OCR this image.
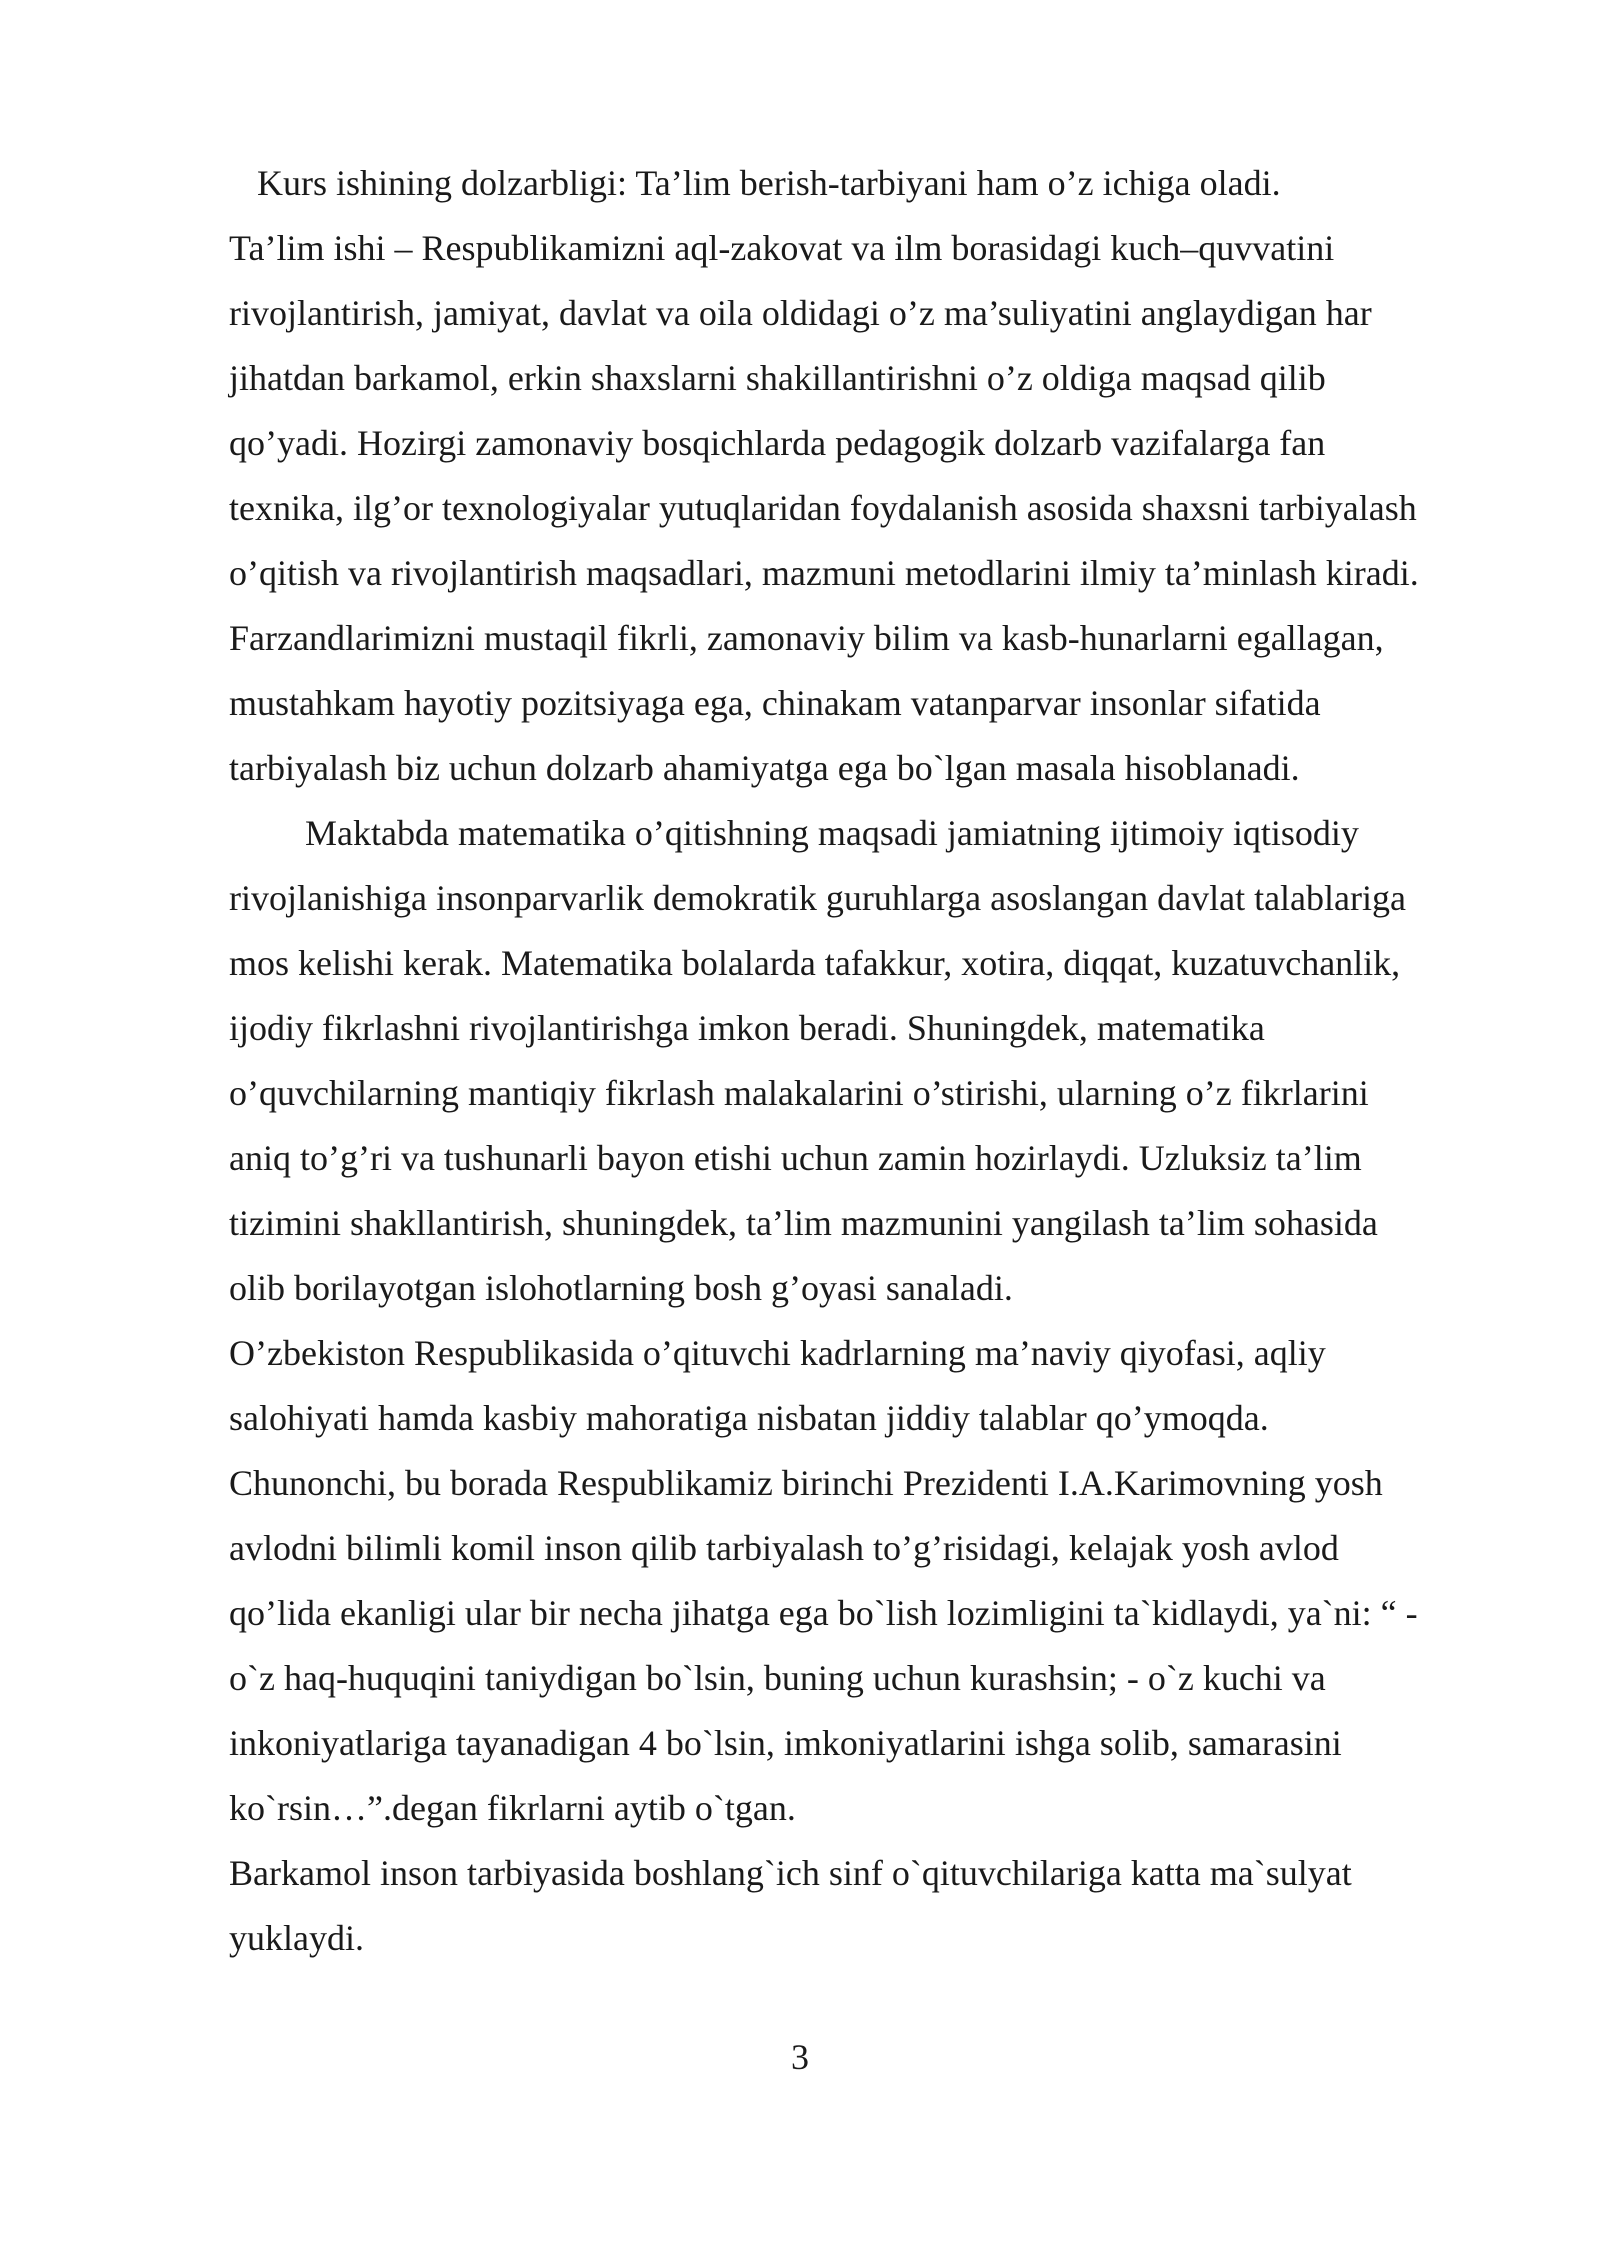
Kurs ishining dolzarbligi: Ta’lim berish-tarbiyani ham o’z ichiga oladi.
Ta’lim ishi – Respublikamizni aql-zakovat va ilm borasidagi kuch–quvvatini
rivojlantirish, jamiyat, davlat va oila oldidagi o’z ma’suliyatini anglaydigan har
jihatdan barkamol, erkin shaxslarni shakillantirishni o’z oldiga maqsad qilib
qo’yadi. Hozirgi zamonaviy bosqichlarda pedagogik dolzarb vazifalarga fan
texnika, ilg’or texnologiyalar yutuqlaridan foydalanish asosida shaxsni tarbiyalash
o’qitish va rivojlantirish maqsadlari, mazmuni metodlarini ilmiy ta’minlash kiradi.
Farzandlarimizni mustaqil fikrli, zamonaviy bilim va kasb-hunarlarni egallagan,
mustahkam hayotiy pozitsiyaga ega, chinakam vatanparvar insonlar sifatida
tarbiyalash biz uchun dolzarb ahamiyatga ega bo`lgan masala hisoblanadi.
Maktabda matematika o’qitishning maqsadi jamiatning ijtimoiy iqtisodiy
rivojlanishiga insonparvarlik demokratik guruhlarga asoslangan davlat talablariga
mos kelishi kerak. Matematika bolalarda tafakkur, xotira, diqqat, kuzatuvchanlik,
ijodiy fikrlashni rivojlantirishga imkon beradi. Shuningdek, matematika
o’quvchilarning mantiqiy fikrlash malakalarini o’stirishi, ularning o’z fikrlarini
aniq to’g’ri va tushunarli bayon etishi uchun zamin hozirlaydi. Uzluksiz ta’lim
tizimini shakllantirish, shuningdek, ta’lim mazmunini yangilash ta’lim sohasida
olib borilayotgan islohotlarning bosh g’oyasi sanaladi.
O’zbekiston Respublikasida o’qituvchi kadrlarning ma’naviy qiyofasi, aqliy
salohiyati hamda kasbiy mahoratiga nisbatan jiddiy talablar qo’ymoqda.
Chunonchi, bu borada Respublikamiz birinchi Prezidenti I.A.Karimovning yosh
avlodni bilimli komil inson qilib tarbiyalash to’g’risidagi, kelajak yosh avlod
qo’lida ekanligi ular bir necha jihatga ega bo`lish lozimligini ta`kidlaydi, ya`ni: “ -
o`z haq-huquqini taniydigan bo`lsin, buning uchun kurashsin; - o`z kuchi va
inkoniyatlariga tayanadigan 4 bo`lsin, imkoniyatlarini ishga solib, samarasini
ko`rsin…”.degan fikrlarni aytib o`tgan.
Barkamol inson tarbiyasida boshlang`ich sinf o`qituvchilariga katta ma`sulyat
yuklaydi.
3
